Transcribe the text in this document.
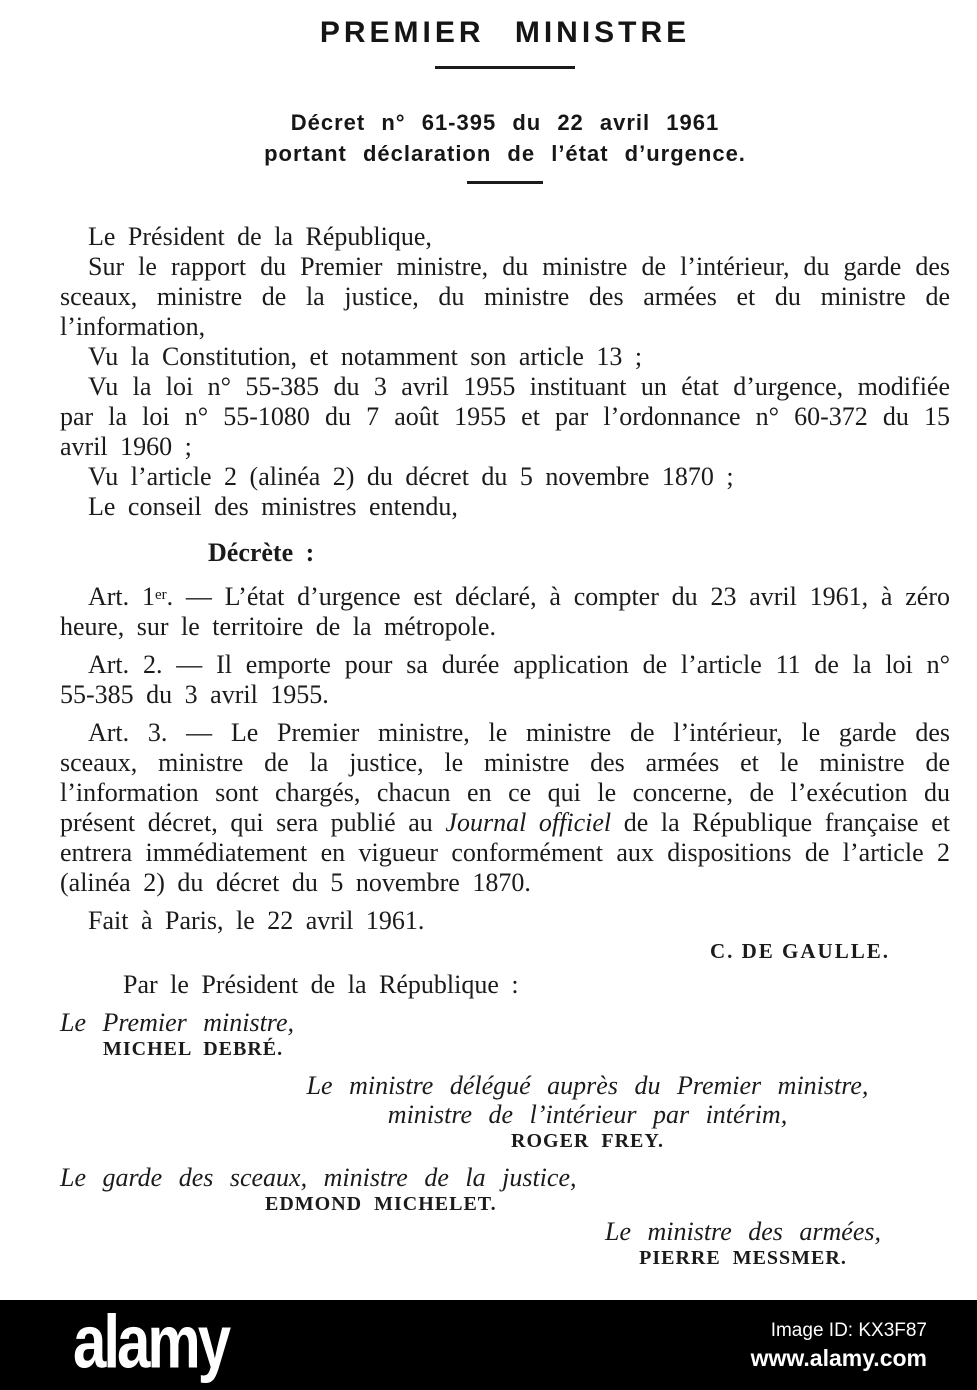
PREMIER MINISTRE
Décret n° 61-395 du 22 avril 1961
portant déclaration de l’état d’urgence.

Le Président de la République,

Sur le rapport du Premier ministre, du ministre de l’intérieur, du garde des sceaux, ministre de la justice, du ministre des armées et du ministre de l’information,

Vu la Constitution, et notamment son article 13 ;

Vu la loi n° 55-385 du 3 avril 1955 instituant un état d’urgence, modifiée par la loi n° 55-1080 du 7 août 1955 et par l’ordonnance n° 60-372 du 15 avril 1960 ;

Vu l’article 2 (alinéa 2) du décret du 5 novembre 1870 ;

Le conseil des ministres entendu,

Décrète :

Art. 1er. — L’état d’urgence est déclaré, à compter du 23 avril 1961, à zéro heure, sur le territoire de la métropole.

Art. 2. — Il emporte pour sa durée application de l’article 11 de la loi n° 55-385 du 3 avril 1955.

Art. 3. — Le Premier ministre, le ministre de l’intérieur, le garde des sceaux, ministre de la justice, le ministre des armées et le ministre de l’information sont chargés, chacun en ce qui le concerne, de l’exécution du présent décret, qui sera publié au Journal officiel de la République française et entrera immédiatement en vigueur conformément aux dispositions de l’article 2 (alinéa 2) du décret du 5 novembre 1870.

Fait à Paris, le 22 avril 1961.

C. DE GAULLE.
Par le Président de la République :
Le Premier ministre,
MICHEL DEBRÉ.
Le ministre délégué auprès du Premier ministre,
ministre de l’intérieur par intérim,
ROGER FREY.
Le garde des sceaux, ministre de la justice,
EDMOND MICHELET.
Le ministre des armées,
PIERRE MESSMER.
alamy	Image ID: KX3F87
www.alamy.com
